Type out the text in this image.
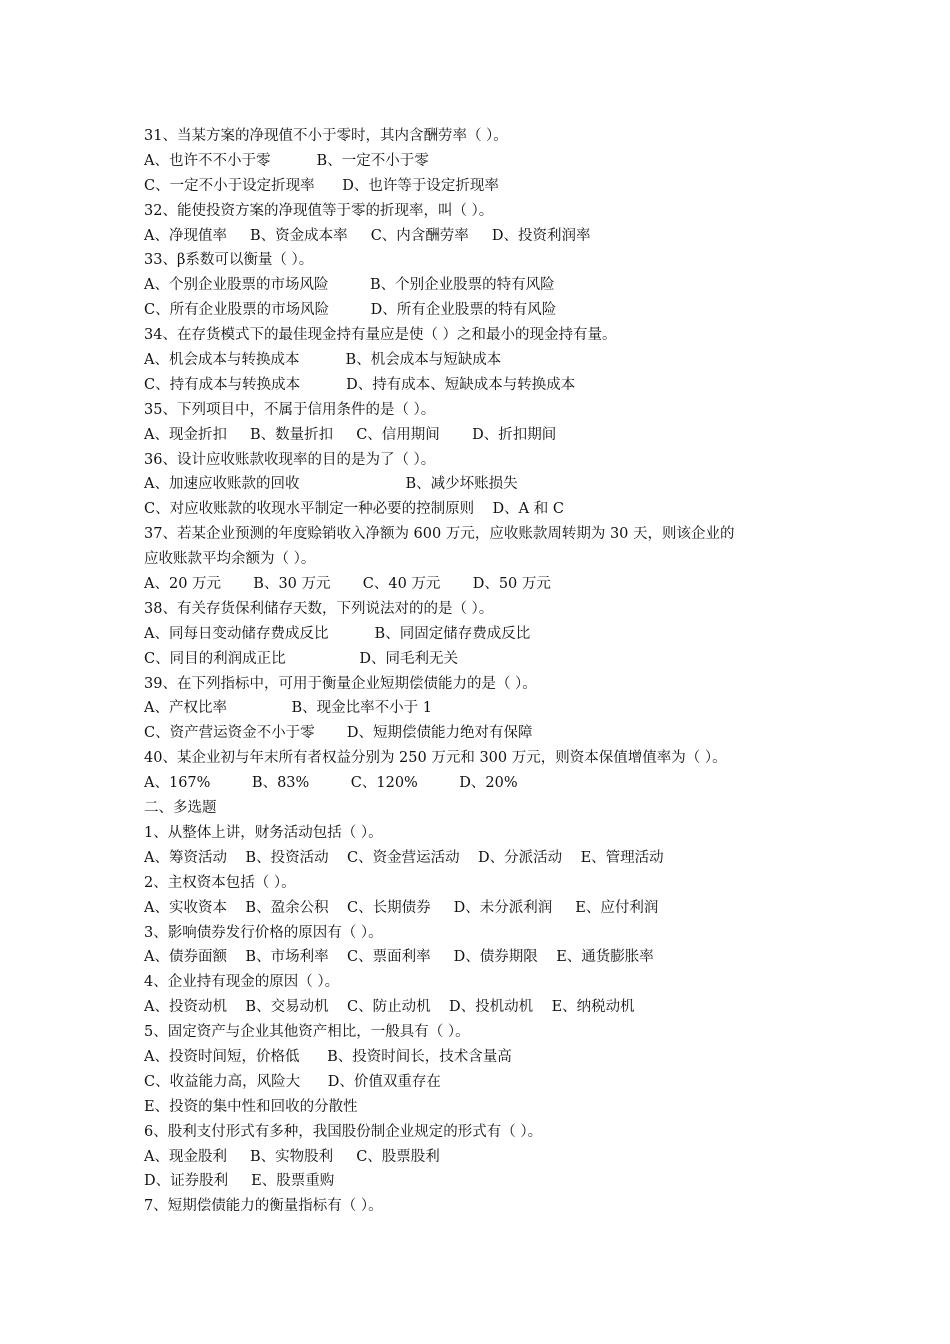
31、当某方案的净现值不小于零时，其内含酬劳率（ ）。
A、也许不不小于零          B、一定不小于零
C、一定不小于设定折现率      D、也许等于设定折现率
32、能使投资方案的净现值等于零的折现率，叫（ ）。
A、净现值率     B、资金成本率     C、内含酬劳率     D、投资利润率
33、β系数可以衡量（ ）。
A、个别企业股票的市场风险         B、个别企业股票的特有风险
C、所有企业股票的市场风险         D、所有企业股票的特有风险
34、在存货模式下的最佳现金持有量应是使（ ）之和最小的现金持有量。
A、机会成本与转换成本          B、机会成本与短缺成本
C、持有成本与转换成本          D、持有成本、短缺成本与转换成本
35、下列项目中，不属于信用条件的是（ ）。
A、现金折扣     B、数量折扣     C、信用期间       D、折扣期间
36、设计应收账款收现率的目的是为了（ ）。
A、加速应收账款的回收                       B、减少坏账损失
C、对应收账款的收现水平制定一种必要的控制原则    D、A 和 C
37、若某企业预测的年度赊销收入净额为 600 万元，应收账款周转期为 30 天，则该企业的
应收账款平均余额为（ ）。
A、20 万元       B、30 万元       C、40 万元       D、50 万元
38、有关存货保利储存天数，下列说法对的的是（ ）。
A、同每日变动储存费成反比          B、同固定储存费成反比
C、同目的利润成正比                D、同毛利无关
39、在下列指标中，可用于衡量企业短期偿债能力的是（ ）。
A、产权比率              B、现金比率不小于 1
C、资产营运资金不小于零       D、短期偿债能力绝对有保障
40、某企业初与年末所有者权益分别为 250 万元和 300 万元，则资本保值增值率为（ ）。
A、167%         B、83%         C、120%         D、20%
二、多选题
1、从整体上讲，财务活动包括（ ）。
A、筹资活动    B、投资活动    C、资金营运活动    D、分派活动    E、管理活动
2、主权资本包括（ ）。
A、实收资本    B、盈余公积    C、长期债券     D、未分派利润     E、应付利润
3、影响债券发行价格的原因有（ ）。
A、债券面额    B、市场利率    C、票面利率     D、债券期限    E、通货膨胀率
4、企业持有现金的原因（ ）。
A、投资动机    B、交易动机    C、防止动机    D、投机动机    E、纳税动机
5、固定资产与企业其他资产相比，一般具有（ ）。
A、投资时间短，价格低      B、投资时间长，技术含量高
C、收益能力高，风险大      D、价值双重存在
E、投资的集中性和回收的分散性
6、股利支付形式有多种，我国股份制企业规定的形式有（ ）。
A、现金股利     B、实物股利     C、股票股利
D、证券股利     E、股票重购
7、短期偿债能力的衡量指标有（ ）。
